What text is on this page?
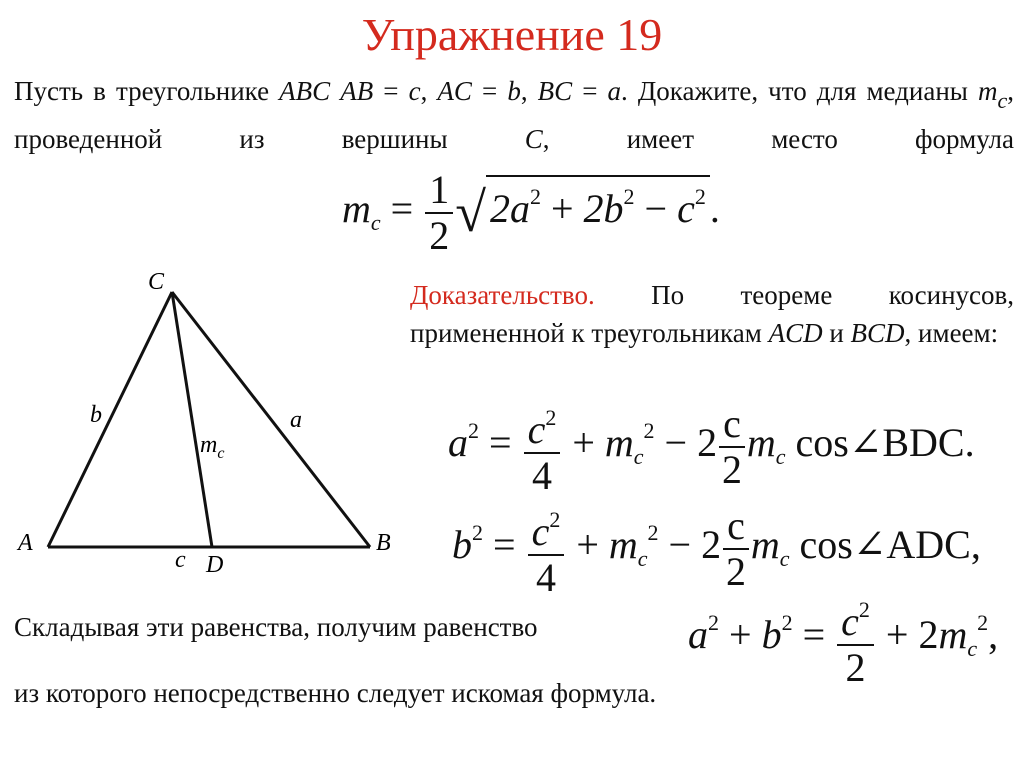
Упражнение 19
Пусть в треугольнике ABC AB = c, AC = b, BC = a. Докажите, что для медианы $m_c$, проведенной из вершины C, имеет место формула
$m_c = \frac{1}{2}$ √ $2a^2 + 2b^2 - c^2$ .
C
A	B
D
a
b
c
$m_c$
Доказательство. По теореме косинусов, примененной к треугольникам ACD и BCD, имеем:
$a^2 = \frac{c^2}{4} + m_c^2 - 2 \frac{c}{2} m_c$ cos∠BDC.
$b^2 = \frac{c^2}{4} + m_c^2 - 2 \frac{c}{2} m_c$ cos∠ADC,
Складывая эти равенства, получим равенство	$a^2 + b^2 = \frac{c^2}{2} + 2m_c^2$,
из которого непосредственно следует искомая формула.
